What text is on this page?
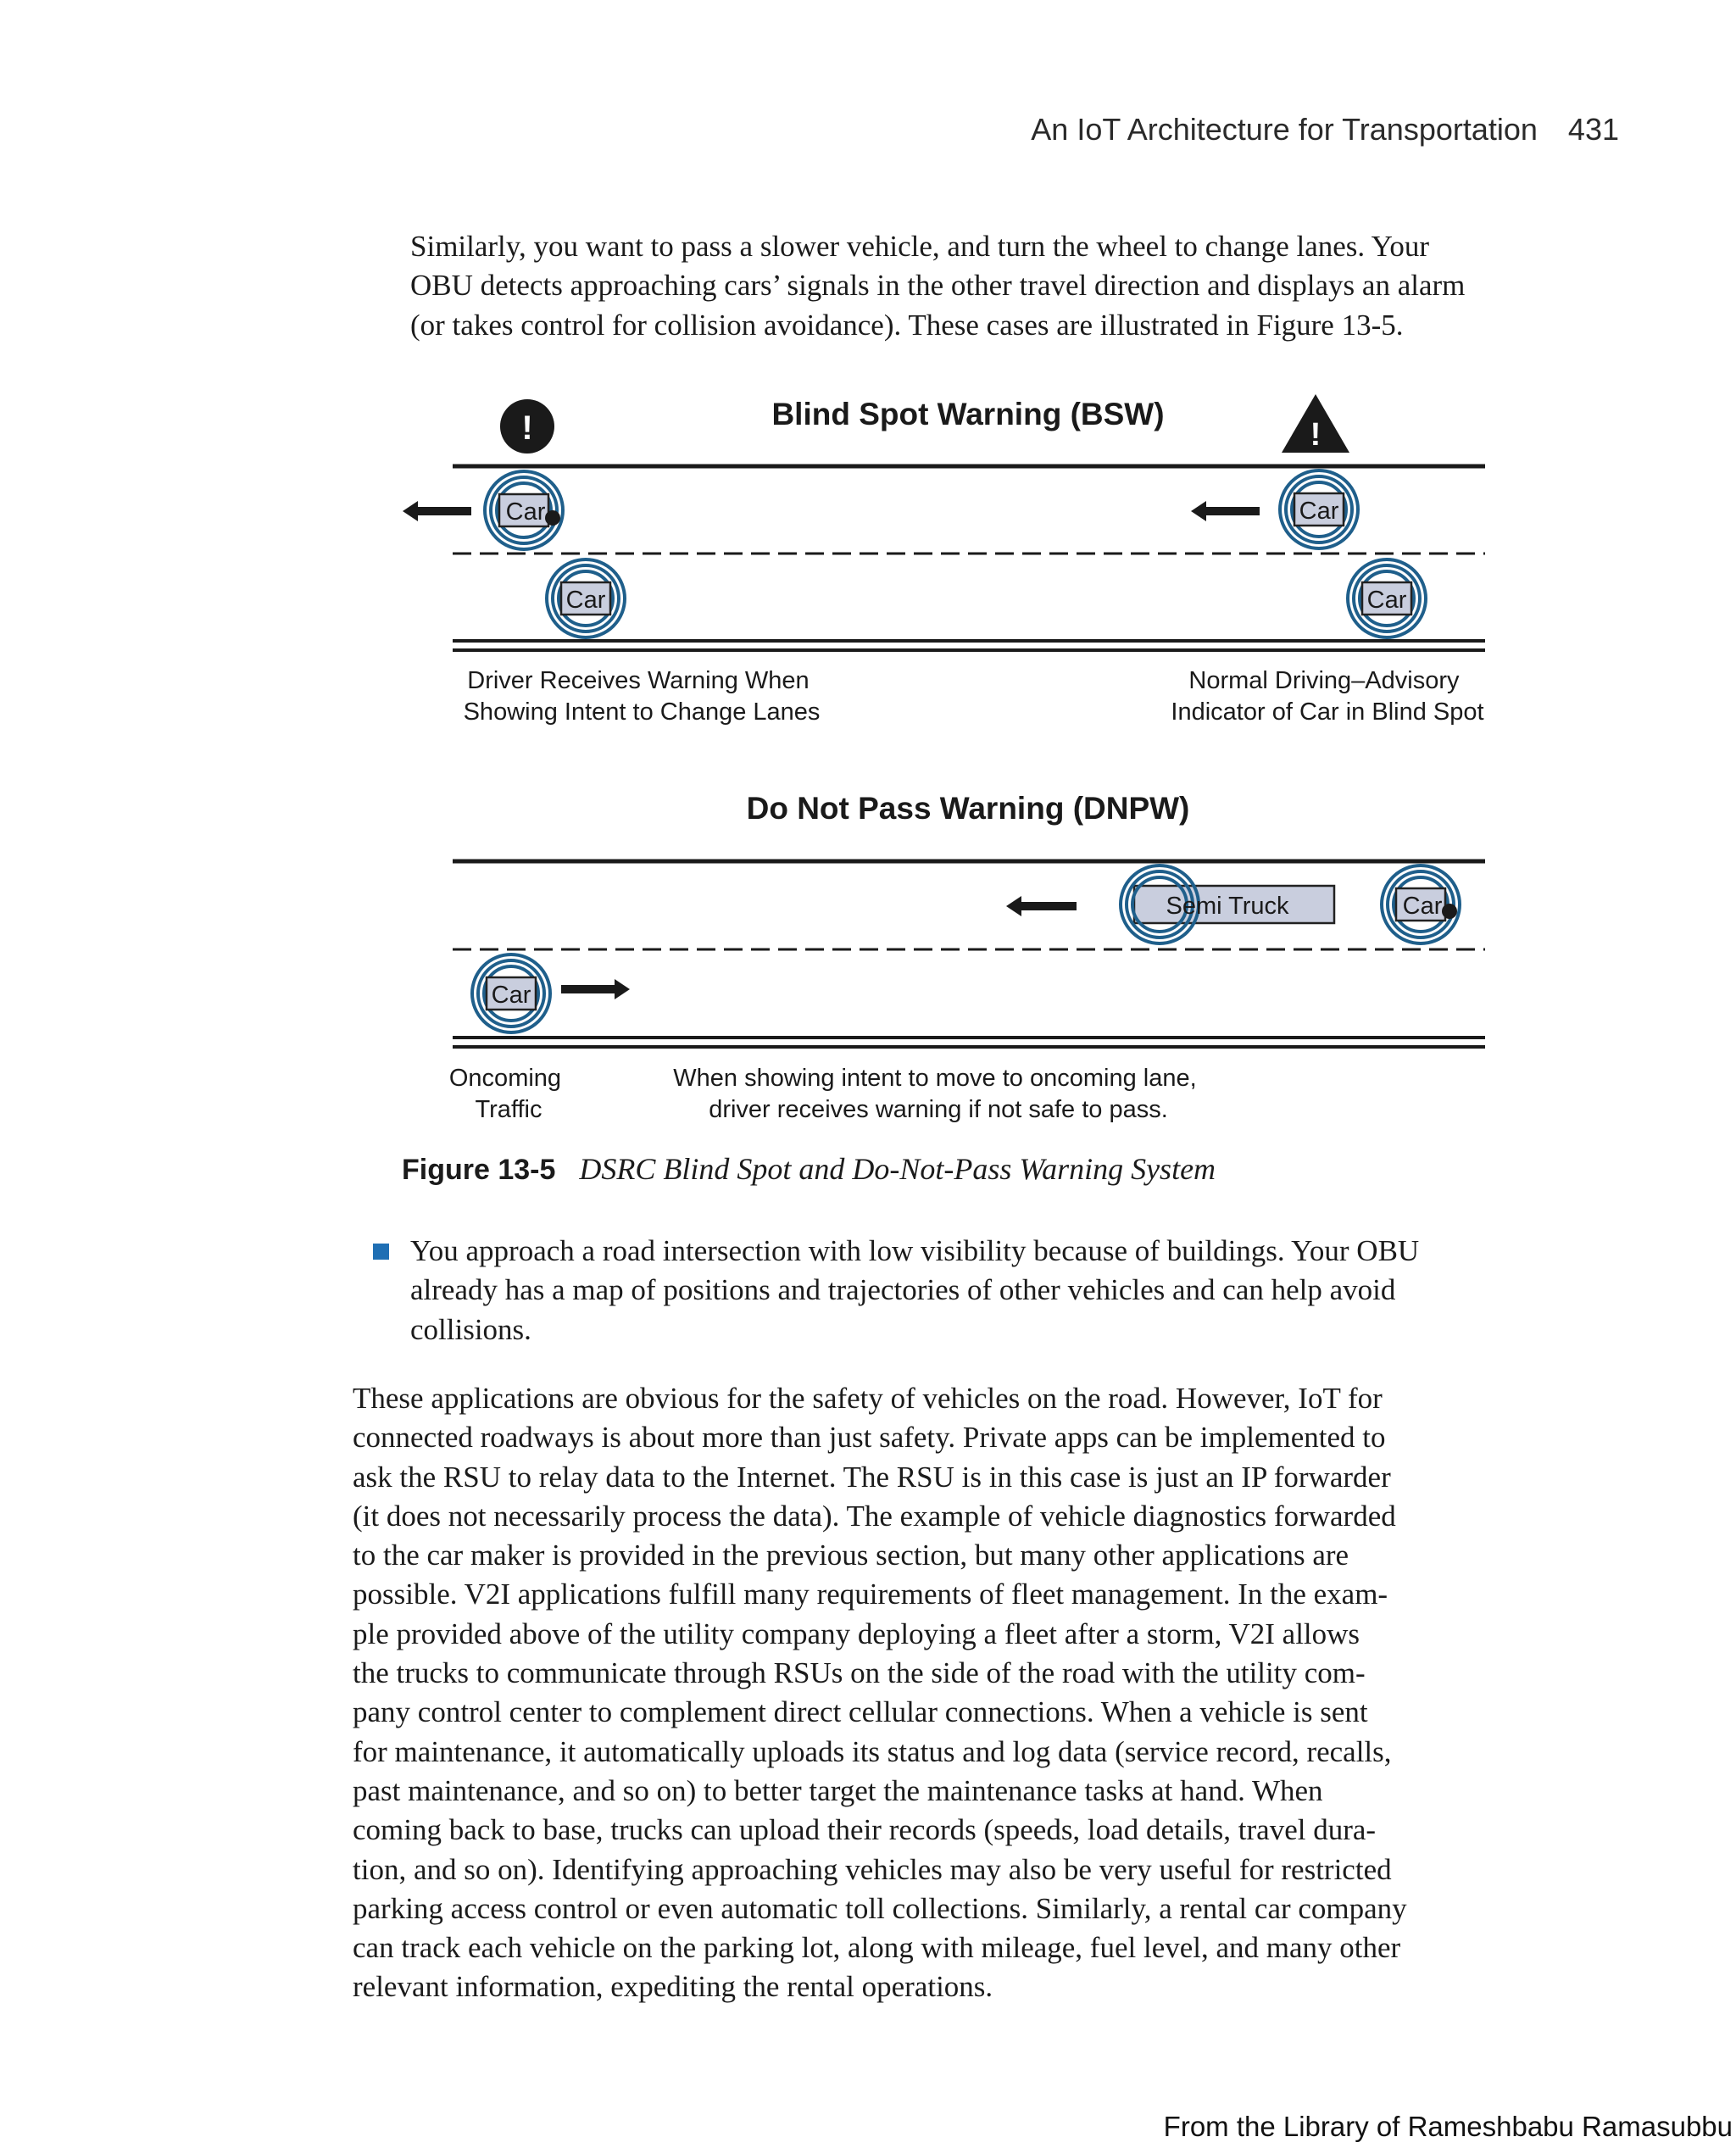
An IoT Architecture for Transportation 431
Similarly, you want to pass a slower vehicle, and turn the wheel to change lanes. Your
OBU detects approaching cars’ signals in the other travel direction and displays an alarm
(or takes control for collision avoidance). These cases are illustrated in Figure 13-5.
Blind Spot Warning (BSW)
!	!
Car
Car
Car
Car
Driver Receives Warning When Showing Intent to Change Lanes
Normal Driving–Advisory Indicator of Car in Blind Spot
Do Not Pass Warning (DNPW)
Semi Truck	Car
Car
Oncoming Traffic
When showing intent to move to oncoming lane, driver receives warning if not safe to pass.
Figure 13-5 DSRC Blind Spot and Do-Not-Pass Warning System
You approach a road intersection with low visibility because of buildings. Your OBU
already has a map of positions and trajectories of other vehicles and can help avoid
collisions.
These applications are obvious for the safety of vehicles on the road. However, IoT for
connected roadways is about more than just safety. Private apps can be implemented to
ask the RSU to relay data to the Internet. The RSU is in this case is just an IP forwarder
(it does not necessarily process the data). The example of vehicle diagnostics forwarded
to the car maker is provided in the previous section, but many other applications are
possible. V2I applications fulfill many requirements of fleet management. In the exam-
ple provided above of the utility company deploying a fleet after a storm, V2I allows
the trucks to communicate through RSUs on the side of the road with the utility com-
pany control center to complement direct cellular connections. When a vehicle is sent
for maintenance, it automatically uploads its status and log data (service record, recalls,
past maintenance, and so on) to better target the maintenance tasks at hand. When
coming back to base, trucks can upload their records (speeds, load details, travel dura-
tion, and so on). Identifying approaching vehicles may also be very useful for restricted
parking access control or even automatic toll collections. Similarly, a rental car company
can track each vehicle on the parking lot, along with mileage, fuel level, and many other
relevant information, expediting the rental operations.
From the Library of Rameshbabu Ramasubbu
